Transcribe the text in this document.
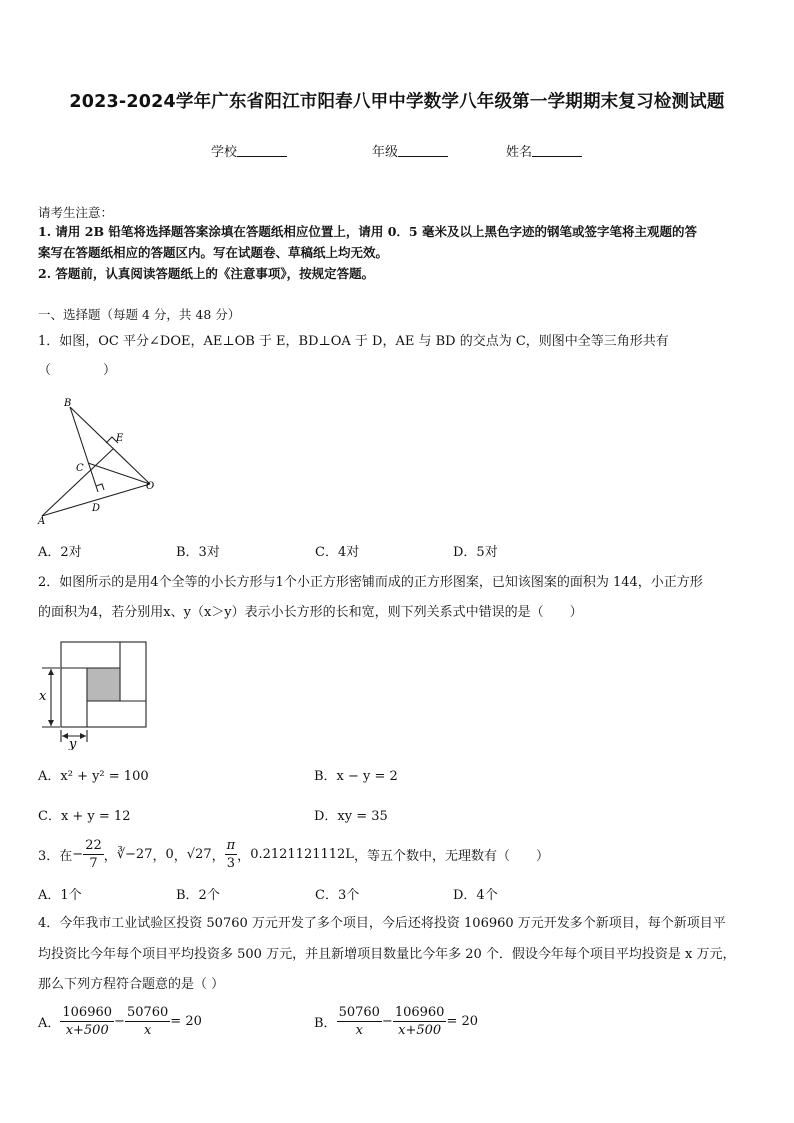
2023-2024学年广东省阳江市阳春八甲中学数学八年级第一学期期末复习检测试题
学校	年级	姓名
请考生注意：
1. 请用 2B 铅笔将选择题答案涂填在答题纸相应位置上，请用 0．5 毫米及以上黑色字迹的钢笔或签字笔将主观题的答
案写在答题纸相应的答题区内。写在试题卷、草稿纸上均无效。
2. 答题前，认真阅读答题纸上的《注意事项》，按规定答题。
一、选择题（每题 4 分，共 48 分）
1．如图，OC 平分∠DOE，AE⊥OB 于 E，BD⊥OA 于 D，AE 与 BD 的交点为 C，则图中全等三角形共有
（　　　　）
B
E
C
O
D
A
A．2对	B．3对	C．4对	D．5对
2．如图所示的是用4个全等的小长方形与1个小正方形密铺而成的正方形图案，已知该图案的面积为 144，小正方形
的面积为4，若分别用x、y（x＞y）表示小长方形的长和宽，则下列关系式中错误的是（　　）
x
y
A．x² + y² = 100	B．x − y = 2
C．x + y = 12	D．xy = 35
3．在 − $\frac{22}{7}$ ， ∛−27 ， 0 ， √27 ， $\frac{\pi}{3}$ ， 0.2121121112L ，等五个数中，无理数有（　　）
A．1个	B．2个	C．3个	D．4个
4．今年我市工业试验区投资 50760 万元开发了多个项目，今后还将投资 106960 万元开发多个新项目，每个新项目平
均投资比今年每个项目平均投资多 500 万元，并且新增项目数量比今年多 20 个．假设今年每个项目平均投资是 x 万元，
那么下列方程符合题意的是（ ）
A． $\frac{106960}{x+500} - \frac{50760}{x} = 20$	B． $\frac{50760}{x} - \frac{106960}{x+500} = 20$
